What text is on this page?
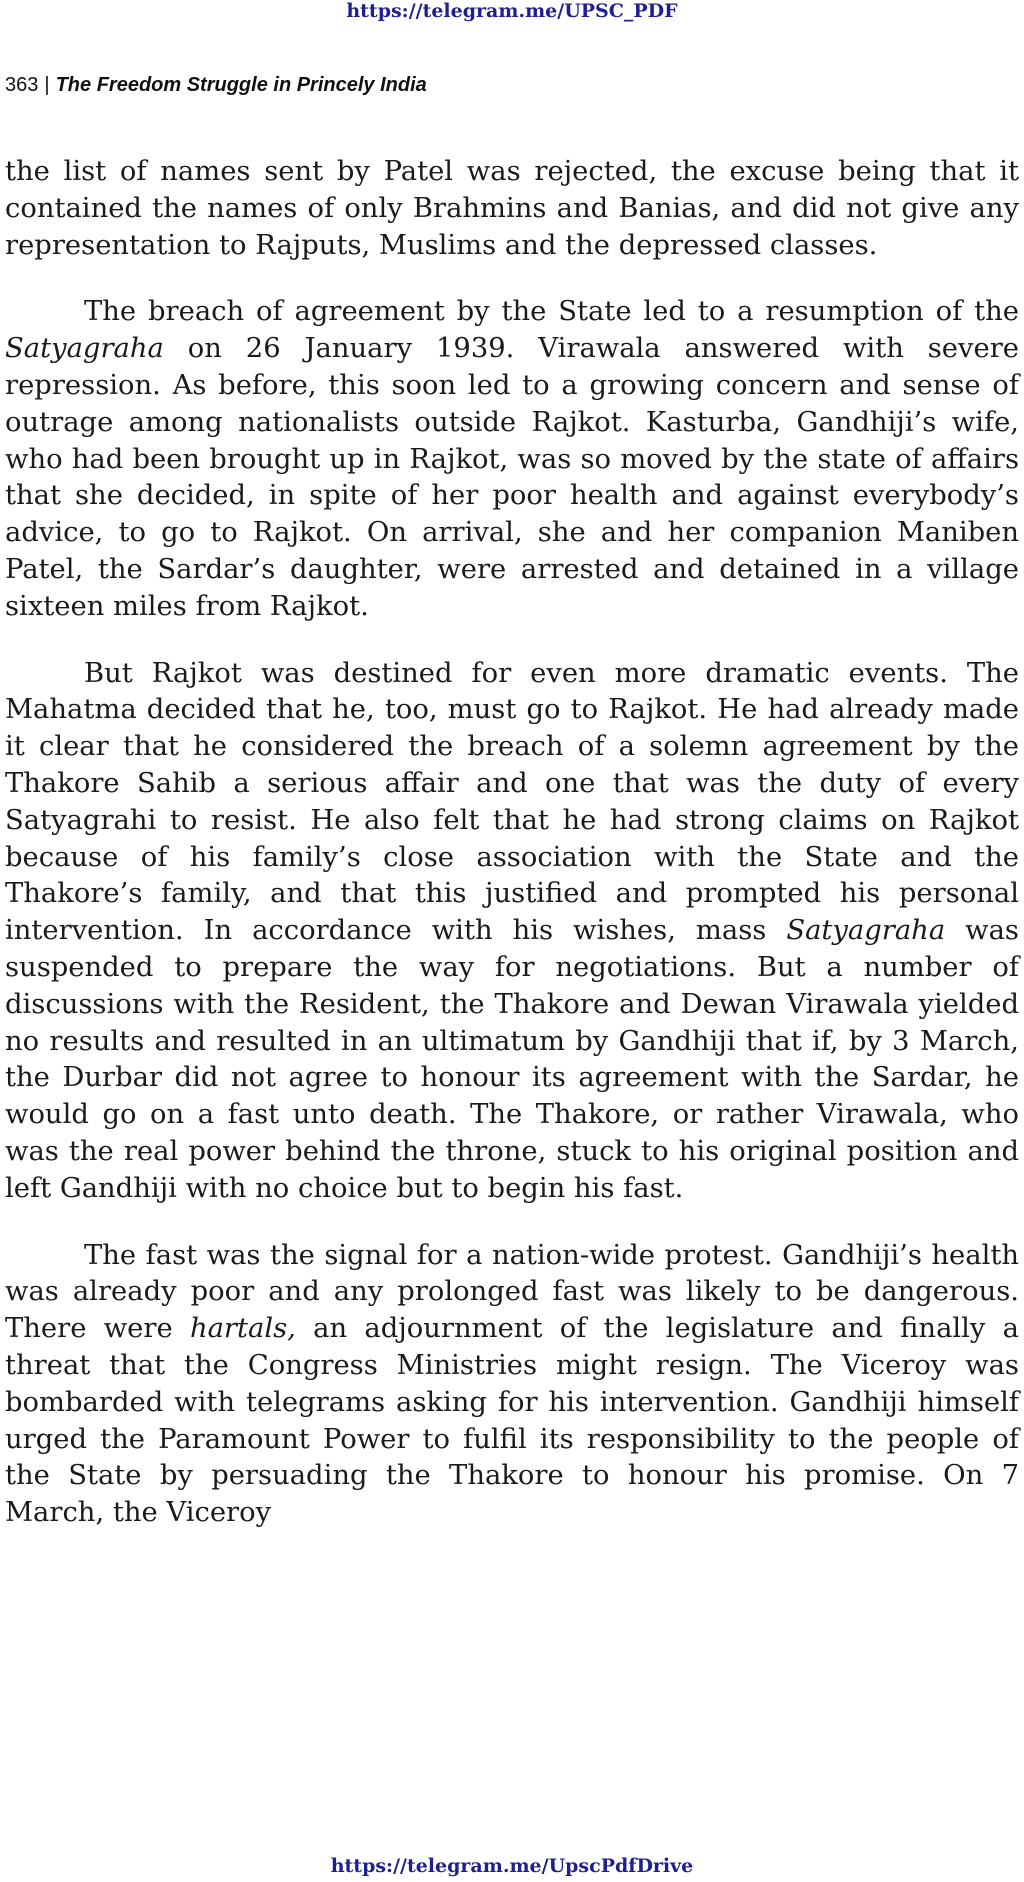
https://telegram.me/UPSC_PDF
363 | The Freedom Struggle in Princely India

the list of names sent by Patel was rejected, the excuse being that it contained the names of only Brahmins and Banias, and did not give any representation to Rajputs, Muslims and the depressed classes.

The breach of agreement by the State led to a resumption of the Satyagraha on 26 January 1939. Virawala answered with severe repression. As before, this soon led to a growing concern and sense of outrage among nationalists outside Rajkot. Kasturba, Gandhiji’s wife, who had been brought up in Rajkot, was so moved by the state of affairs that she decided, in spite of her poor health and against everybody’s advice, to go to Rajkot. On arrival, she and her companion Maniben Patel, the Sardar’s daughter, were arrested and detained in a village sixteen miles from Rajkot.

But Rajkot was destined for even more dramatic events. The Mahatma decided that he, too, must go to Rajkot. He had already made it clear that he considered the breach of a solemn agreement by the Thakore Sahib a serious affair and one that was the duty of every Satyagrahi to resist. He also felt that he had strong claims on Rajkot because of his family’s close association with the State and the Thakore’s family, and that this justified and prompted his personal intervention. In accordance with his wishes, mass Satyagraha was suspended to prepare the way for negotiations. But a number of discussions with the Resident, the Thakore and Dewan Virawala yielded no results and resulted in an ultimatum by Gandhiji that if, by 3 March, the Durbar did not agree to honour its agreement with the Sardar, he would go on a fast unto death. The Thakore, or rather Virawala, who was the real power behind the throne, stuck to his original position and left Gandhiji with no choice but to begin his fast.

The fast was the signal for a nation-wide protest. Gandhiji’s health was already poor and any prolonged fast was likely to be dangerous. There were hartals, an adjournment of the legislature and finally a threat that the Congress Ministries might resign. The Viceroy was bombarded with telegrams asking for his intervention. Gandhiji himself urged the Paramount Power to fulfil its responsibility to the people of the State by persuading the Thakore to honour his promise. On 7 March, the Viceroy

https://telegram.me/UpscPdfDrive
